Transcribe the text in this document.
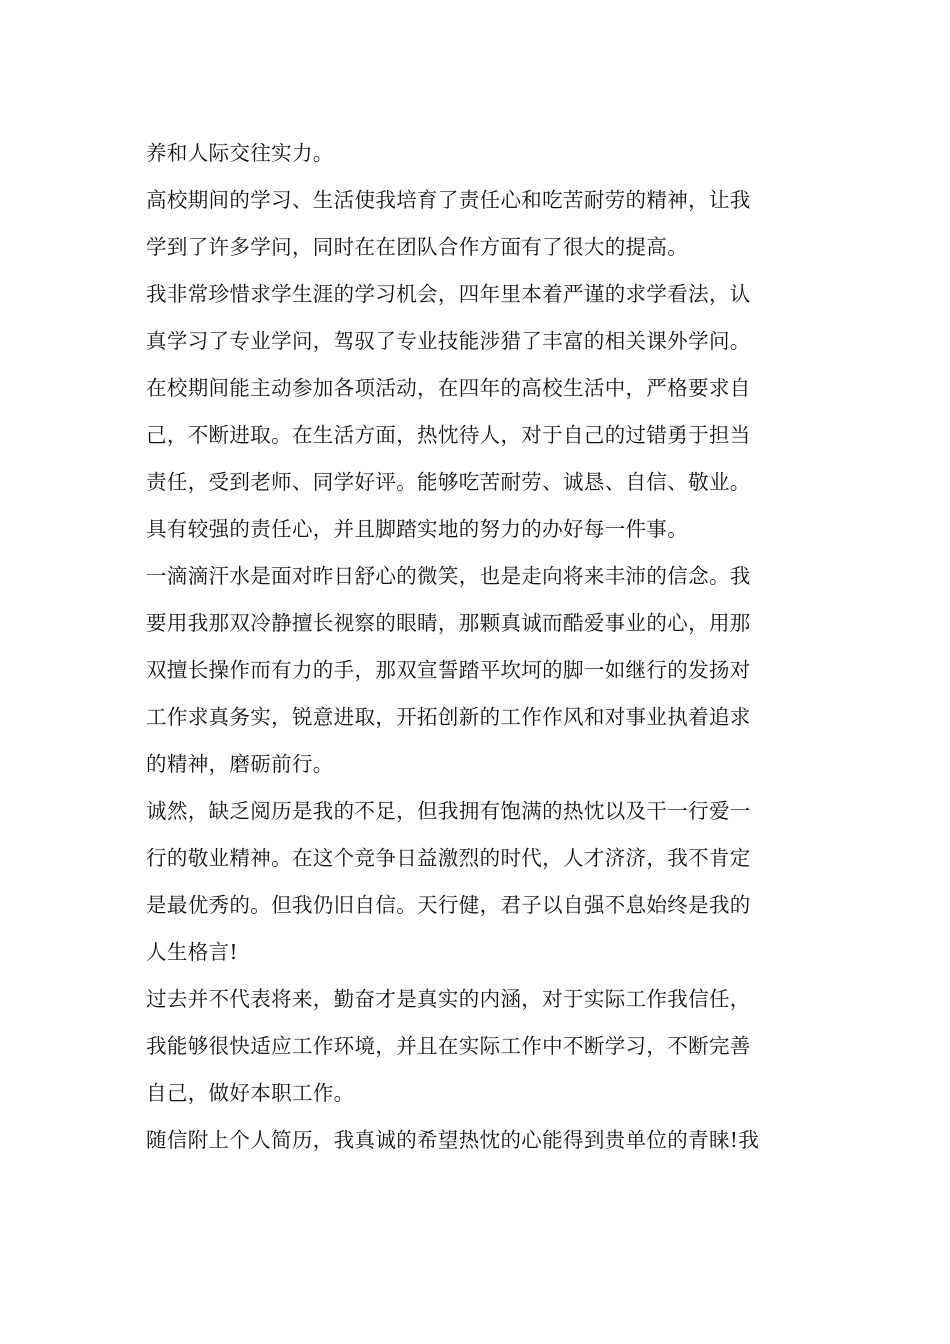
养和人际交往实力。
高校期间的学习、生活使我培育了责任心和吃苦耐劳的精神，让我
学到了许多学问，同时在在团队合作方面有了很大的提高。
我非常珍惜求学生涯的学习机会，四年里本着严谨的求学看法，认
真学习了专业学问，驾驭了专业技能涉猎了丰富的相关课外学问。
在校期间能主动参加各项活动，在四年的高校生活中，严格要求自
己，不断进取。在生活方面，热忱待人，对于自己的过错勇于担当
责任，受到老师、同学好评。能够吃苦耐劳、诚恳、自信、敬业。
具有较强的责任心，并且脚踏实地的努力的办好每一件事。
一滴滴汗水是面对昨日舒心的微笑，也是走向将来丰沛的信念。我
要用我那双冷静擅长视察的眼睛，那颗真诚而酷爱事业的心，用那
双擅长操作而有力的手，那双宣誓踏平坎坷的脚一如继行的发扬对
工作求真务实，锐意进取，开拓创新的工作作风和对事业执着追求
的精神，磨砺前行。
诚然，缺乏阅历是我的不足，但我拥有饱满的热忱以及干一行爱一
行的敬业精神。在这个竞争日益激烈的时代，人才济济，我不肯定
是最优秀的。但我仍旧自信。天行健，君子以自强不息始终是我的
人生格言!
过去并不代表将来，勤奋才是真实的内涵，对于实际工作我信任，
我能够很快适应工作环境，并且在实际工作中不断学习，不断完善
自己，做好本职工作。
随信附上个人简历，我真诚的希望热忱的心能得到贵单位的青睐!我
